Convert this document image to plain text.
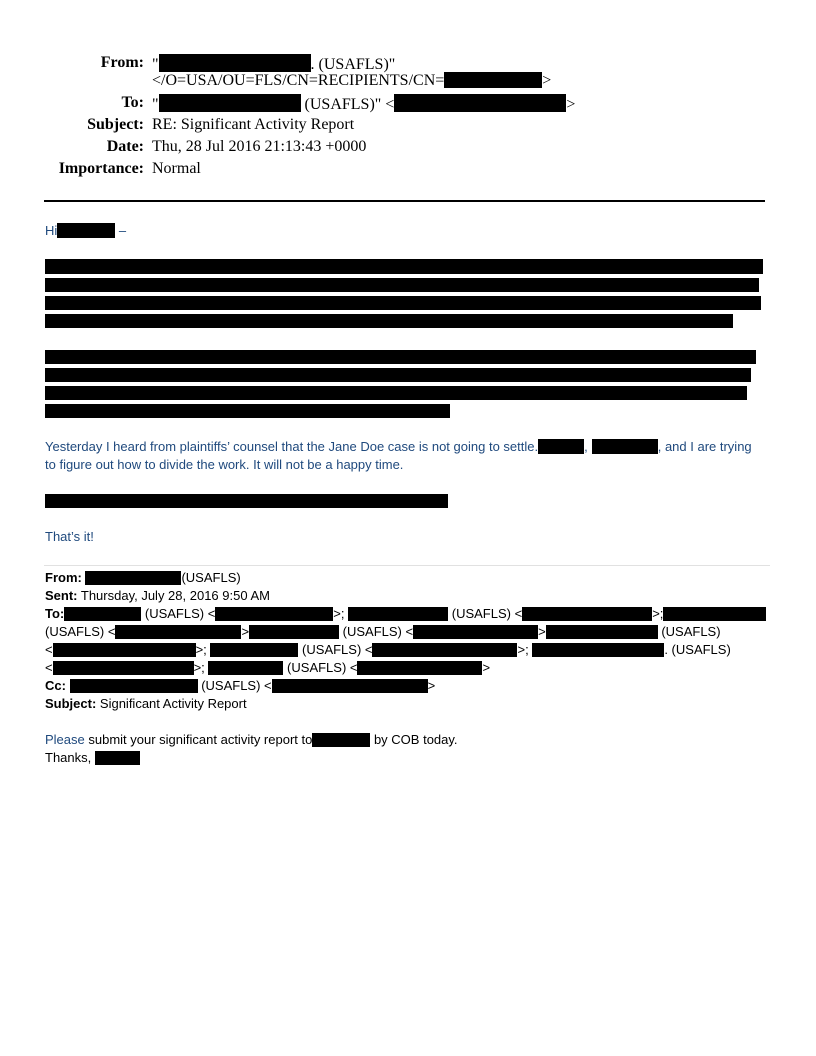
From: "	. (USAFLS)"
</O=USA/OU=FLS/CN=RECIPIENTS/CN=	>
To: "	(USAFLS)" <	>
Subject: RE: Significant Activity Report
Date: Thu, 28 Jul 2016 21:13:43 +0000
Importance: Normal
Hi	–
Yesterday I heard from plaintiffs’ counsel that the Jane Doe case is not going to settle.	,	, and I are trying
to figure out how to divide the work. It will not be a happy time.
That’s it!
From:	(USAFLS)
Sent: Thursday, July 28, 2016 9:50 AM
To:	(USAFLS) <	>;	(USAFLS) <	>;
(USAFLS) <	>	(USAFLS) <	>	(USAFLS)
<	>;	(USAFLS) <	>;	. (USAFLS)
<	>;	(USAFLS) <	>
Cc:	(USAFLS) <	>
Subject: Significant Activity Report
Please submit your significant activity report to	by COB today.
Thanks,
